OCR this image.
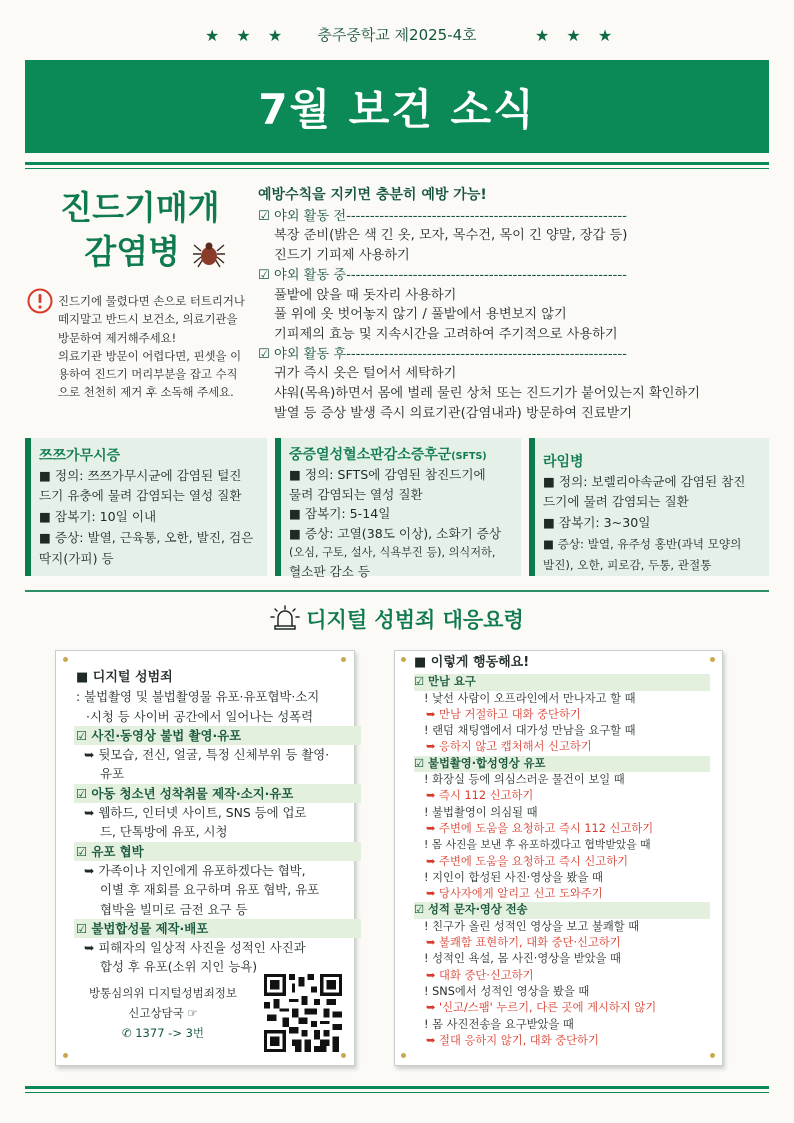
★ ★ ★	충주중학교 제2025-4호	★ ★ ★
7월 보건 소식
진드기매개
감염병
진드기에 물렸다면 손으로 터트리거나
떼지말고 반드시 보건소, 의료기관을
방문하여 제거해주세요!
의료기관 방문이 어렵다면, 핀셋을 이
용하여 진드기 머리부분을 잡고 수직
으로 천천히 제거 후 소독해 주세요.
예방수칙을 지키면 충분히 예방 가능!
☑ 야외 활동 전-----------------------------------------------------------
복장 준비(밝은 색 긴 옷, 모자, 목수건, 목이 긴 양말, 장갑 등)
진드기 기피제 사용하기
☑ 야외 활동 중-----------------------------------------------------------
풀밭에 앉을 때 돗자리 사용하기
풀 위에 옷 벗어놓지 않기 / 풀밭에서 용변보지 않기
기피제의 효능 및 지속시간을 고려하여 주기적으로 사용하기
☑ 야외 활동 후-----------------------------------------------------------
귀가 즉시 옷은 털어서 세탁하기
샤워(목욕)하면서 몸에 벌레 물린 상처 또는 진드기가 붙어있는지 확인하기
발열 등 증상 발생 즉시 의료기관(감염내과) 방문하여 진료받기
쯔쯔가무시증
■ 정의: 쯔쯔가무시균에 감염된 털진
드기 유충에 물려 감염되는 열성 질환
■ 잠복기: 10일 이내
■ 증상: 발열, 근육통, 오한, 발진, 검은
딱지(가피) 등
중증열성혈소판감소증후군(SFTS)
■ 정의: SFTS에 감염된 참진드기에
물려 감염되는 열성 질환
■ 잠복기: 5-14일
■ 증상: 고열(38도 이상), 소화기 증상
(오심, 구토, 설사, 식욕부진 등), 의식저하,
혈소판 감소 등
라임병
■ 정의: 보렐리아속균에 감염된 참진
드기에 물려 감염되는 질환
■ 잠복기: 3~30일
■ 증상: 발열, 유주성 홍반(과녁 모양의
발진), 오한, 피로감, 두통, 관절통
디지털 성범죄 대응요령
■ 디지털 성범죄
: 불법촬영 및 불법촬영물 유포·유포협박·소지
·시청 등 사이버 공간에서 일어나는 성폭력
☑ 사진·동영상 불법 촬영·유포
➥ 뒷모습, 전신, 얼굴, 특정 신체부위 등 촬영·
유포
☑ 아동 청소년 성착취물 제작·소지·유포
➥ 웹하드, 인터넷 사이트, SNS 등에 업로
드, 단톡방에 유포, 시청
☑ 유포 협박
➥ 가족이나 지인에게 유포하겠다는 협박,
이별 후 재회를 요구하며 유포 협박, 유포
협박을 빌미로 금전 요구 등
☑ 불법합성물 제작·배포
➥ 피해자의 일상적 사진을 성적인 사진과
합성 후 유포(소위 지인 능욕)
방통심의위 디지털성범죄정보
신고상담국 ☞
✆ 1377 -> 3번
■ 이렇게 행동해요!
☑ 만남 요구
! 낯선 사람이 오프라인에서 만나자고 할 때
➥ 만남 거절하고 대화 중단하기
! 랜덤 채팅앱에서 대가성 만남을 요구할 때
➥ 응하지 않고 캡처해서 신고하기
☑ 불법촬영·합성영상 유포
! 화장실 등에 의심스러운 물건이 보일 때
➥ 즉시 112 신고하기
! 불법촬영이 의심될 때
➥ 주변에 도움을 요청하고 즉시 112 신고하기
! 몸 사진을 보낸 후 유포하겠다고 협박받았을 때
➥ 주변에 도움을 요청하고 즉시 신고하기
! 지인이 합성된 사진·영상을 봤을 때
➥ 당사자에게 알리고 신고 도와주기
☑ 성적 문자·영상 전송
! 친구가 올린 성적인 영상을 보고 불쾌할 때
➥ 불쾌함 표현하기, 대화 중단·신고하기
! 성적인 욕설, 몸 사진·영상을 받았을 때
➥ 대화 중단·신고하기
! SNS에서 성적인 영상을 봤을 때
➥ '신고/스팸' 누르기, 다른 곳에 게시하지 않기
! 몸 사진전송을 요구받았을 때
➥ 절대 응하지 않기, 대화 중단하기
